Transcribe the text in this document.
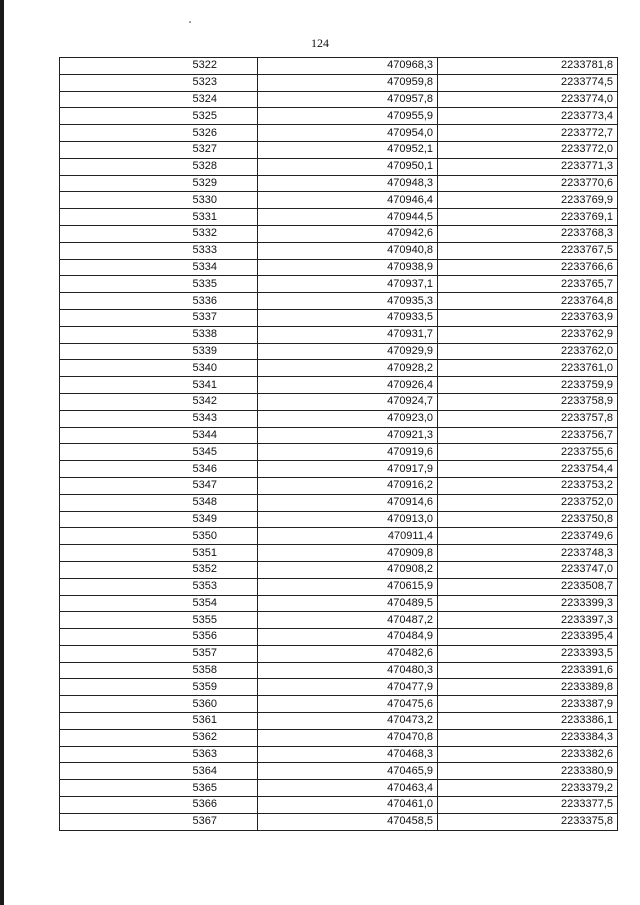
124
5322	470968,3	2233781,8
5323	470959,8	2233774,5
5324	470957,8	2233774,0
5325	470955,9	2233773,4
5326	470954,0	2233772,7
5327	470952,1	2233772,0
5328	470950,1	2233771,3
5329	470948,3	2233770,6
5330	470946,4	2233769,9
5331	470944,5	2233769,1
5332	470942,6	2233768,3
5333	470940,8	2233767,5
5334	470938,9	2233766,6
5335	470937,1	2233765,7
5336	470935,3	2233764,8
5337	470933,5	2233763,9
5338	470931,7	2233762,9
5339	470929,9	2233762,0
5340	470928,2	2233761,0
5341	470926,4	2233759,9
5342	470924,7	2233758,9
5343	470923,0	2233757,8
5344	470921,3	2233756,7
5345	470919,6	2233755,6
5346	470917,9	2233754,4
5347	470916,2	2233753,2
5348	470914,6	2233752,0
5349	470913,0	2233750,8
5350	470911,4	2233749,6
5351	470909,8	2233748,3
5352	470908,2	2233747,0
5353	470615,9	2233508,7
5354	470489,5	2233399,3
5355	470487,2	2233397,3
5356	470484,9	2233395,4
5357	470482,6	2233393,5
5358	470480,3	2233391,6
5359	470477,9	2233389,8
5360	470475,6	2233387,9
5361	470473,2	2233386,1
5362	470470,8	2233384,3
5363	470468,3	2233382,6
5364	470465,9	2233380,9
5365	470463,4	2233379,2
5366	470461,0	2233377,5
5367	470458,5	2233375,8
